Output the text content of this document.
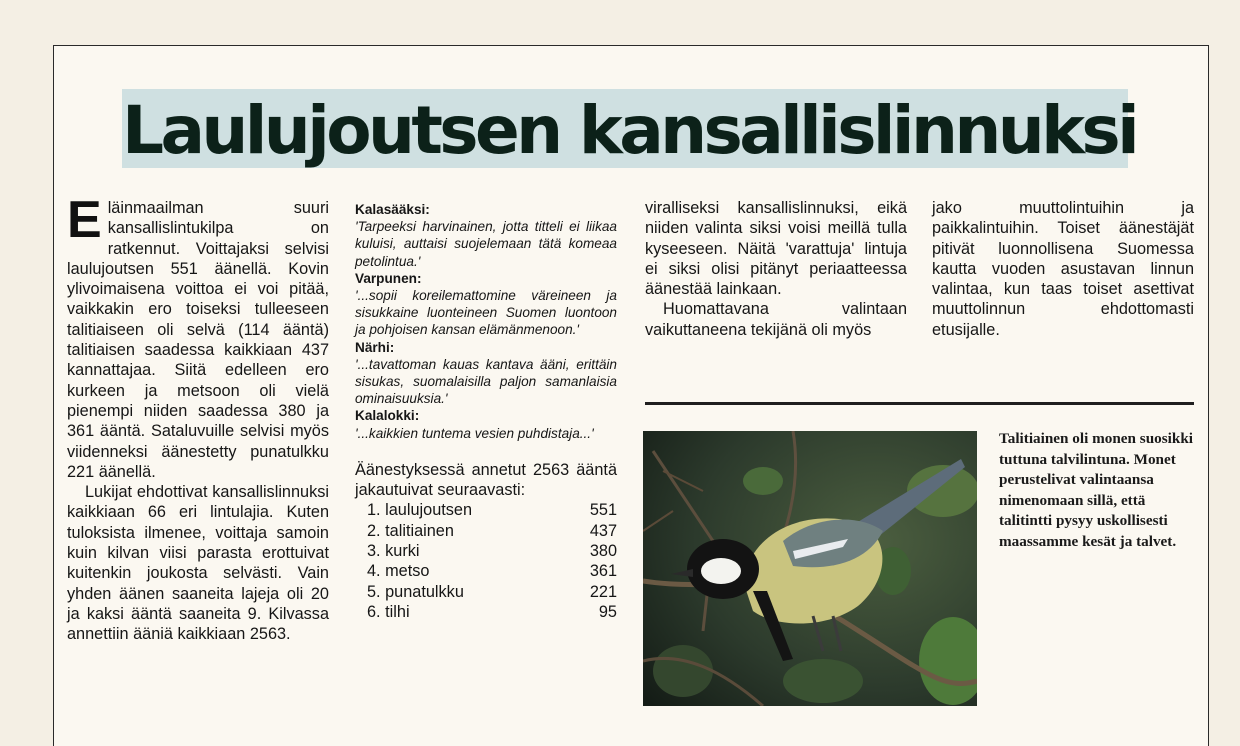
Laulujoutsen kansallislinnuksi

Eläinmaailman suuri kansallislintukilpa on ratkennut. Voittajaksi selvisi laulujoutsen 551 äänellä. Kovin ylivoimaisena voittoa ei voi pitää, vaikkakin ero toiseksi tulleeseen talitiaiseen oli selvä (114 ääntä) talitiaisen saadessa kaikkiaan 437 kannattajaa. Siitä edelleen ero kurkeen ja metsoon oli vielä pienempi niiden saadessa 380 ja 361 ääntä. Sataluvuille selvisi myös viidenneksi äänestetty punatulkku 221 äänellä.

Lukijat ehdottivat kansallislinnuksi kaikkiaan 66 eri lintulajia. Kuten tuloksista ilmenee, voittaja samoin kuin kilvan viisi parasta erottuivat kuitenkin joukosta selvästi. Vain yhden äänen saaneita lajeja oli 20 ja kaksi ääntä saaneita 9. Kilvassa annettiin ääniä kaikkiaan 2563.

Kalasääksi:
'Tarpeeksi harvinainen, jotta titteli ei liikaa kuluisi, auttaisi suojelemaan tätä komeaa petolintua.'
Varpunen:
'...sopii koreilemattomine väreineen ja sisukkaine luonteineen Suomen luontoon ja pohjoisen kansan elämänmenoon.'
Närhi:
'...tavattoman kauas kantava ääni, erittäin sisukas, suomalaisilla paljon samanlaisia ominaisuuksia.'
Kalalokki:
'...kaikkien tuntema vesien puhdistaja...'

Äänestyksessä annetut 2563 ääntä jakautuivat seuraavasti:

1. laulujoutsen	551
2. talitiainen	437
3. kurki	380
4. metso	361
5. punatulkku	221
6. tilhi	95

viralliseksi kansallislinnuksi, eikä niiden valinta siksi voisi meillä tulla kyseeseen. Näitä 'varattuja' lintuja ei siksi olisi pitänyt periaatteessa äänestää lainkaan.

Huomattavana valintaan vaikuttaneena tekijänä oli myös

jako muuttolintuihin ja paikkalintuihin. Toiset äänestäjät pitivät luonnollisena Suomessa kautta vuoden asustavan linnun valintaa, kun taas toiset asettivat muuttolinnun ehdottomasti etusijalle.

Talitiainen oli monen suosikki tuttuna talvilintuna. Monet perustelivat valintaansa nimenomaan sillä, että talitintti pysyy uskollisesti maassamme kesät ja talvet.
